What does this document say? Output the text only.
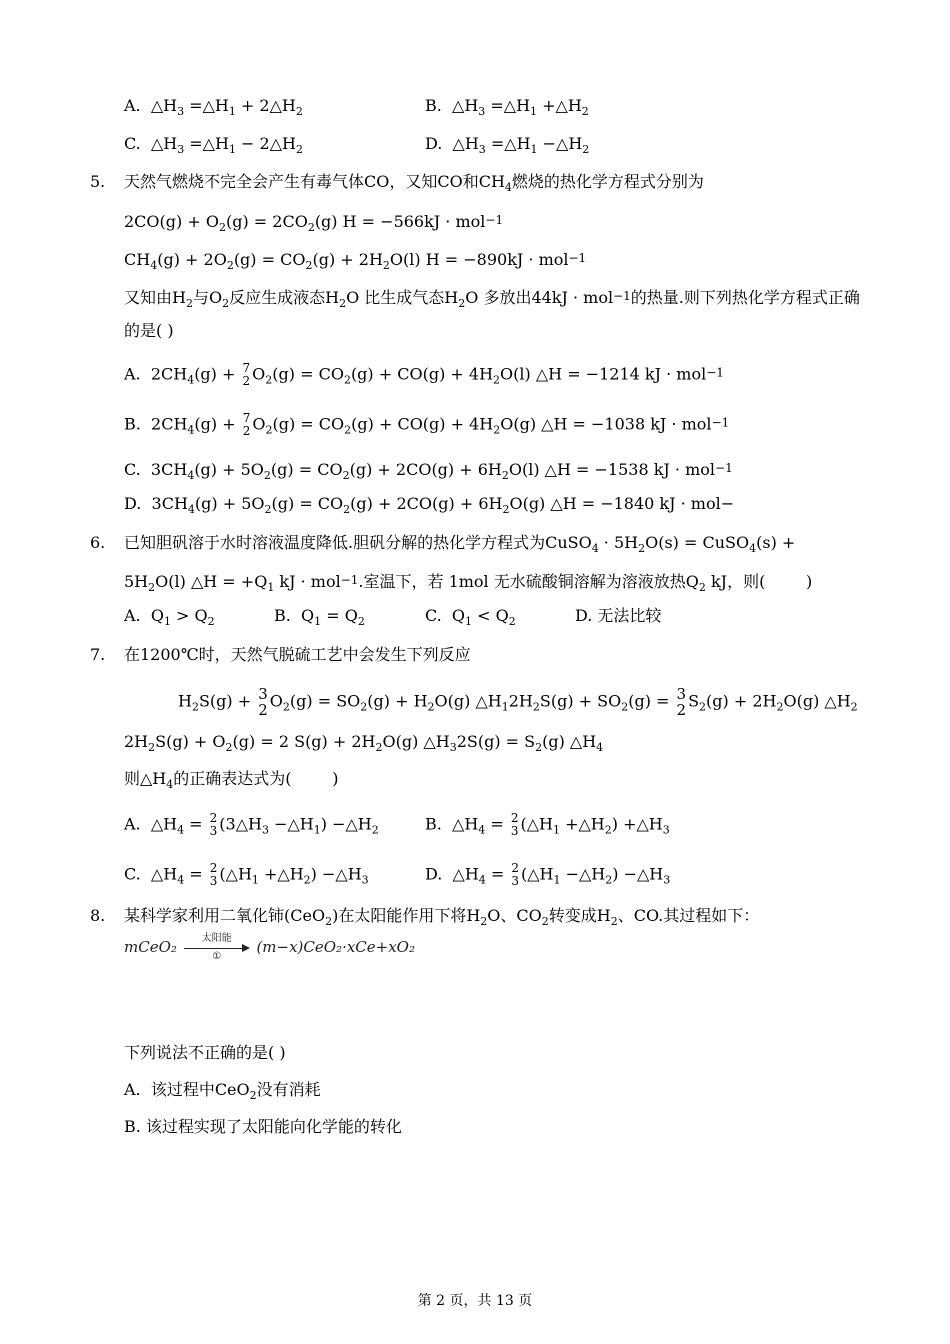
A.  $\triangle H_3$ $=\triangle H_1$ + $2\triangle H_2$	B.  $\triangle H_3$ $=\triangle H_1$ $+\triangle H_2$
C.  $\triangle H_3$ $=\triangle H_1$ − $2\triangle H_2$	D.  $\triangle H_3$ $=\triangle H_1$ $-\triangle H_2$
5. 天然气燃烧不完全会产生有毒气体CO，又知CO和$CH_4$燃烧的热化学方程式分别为
$2CO(g) + O_2(g) = 2CO_2(g) H = -566kJ \cdot mol-1$
$CH_4(g) + 2O_2(g) = CO_2(g) + 2H_2O(l) H = -890kJ \cdot mol-1$
又知由$H_2$与$O_2$反应生成液态$H_2O$ 比生成气态$H_2O$ 多放出44kJ · mol−1的热量.则下列热化学方程式正确
的是( )
A.  $2CH_4(g) + 7$
2 $O_2(g) = CO_2(g) + CO(g) + 4H_2O(l)$ △H = −1214 kJ · mol−1
B.  $2CH_4(g) + 7$
2 $O_2(g) = CO_2(g) + CO(g) + 4H_2O(g)$ △H = −1038 kJ · mol−1
C.  $3CH_4(g) + 5O_2(g) = CO_2(g) + 2CO(g) + 6H_2O(l)$ △H = −1538 kJ · mol−1
D.  $3CH_4(g) + 5O_2(g) = CO_2(g) + 2CO(g) + 6H_2O(g)$ △H = −1840 kJ · mol−
6. 已知胆矾溶于水时溶液温度降低.胆矾分解的热化学方程式为CuSO$_4$ · $5H_2O(s)$ = CuSO$_4$(s) +
$5H_2O(l)$ △H = $+Q_1$ kJ · mol−1.室温下，若 1mol 无水硫酸铜溶解为溶液放热$Q_2$ kJ，则(        )
A.  $Q_1 > Q_2$	B.  $Q_1 = Q_2$	C.  $Q_1 < Q_2$	D. 无法比较
7. 在1200℃时，天然气脱硫工艺中会发生下列反应
$H_2S(g) + 3$
2 $O_2(g) = SO_2(g) + H_2O(g)$ $\triangle H_12H_2S(g) + SO_2(g) = 3$
2 $S_2(g) + 2H_2O(g)$ $\triangle H_2$
$2H_2S(g) + O_2(g) = 2$ $S(g) + 2H_2O(g)$ $\triangle H_32S(g) = S_2(g)$ $\triangle H_4$
则$\triangle H_4$的正确表达式为(        )
A.  $\triangle H_4 = 2$
3 ($3\triangle H_3$ $-\triangle H_1$) $-\triangle H_2$	B.  $\triangle H_4 = 2$
3 ($\triangle H_1$ $+\triangle H_2$) $+\triangle H_3$
C.  $\triangle H_4 = 2$
3 ($\triangle H_1$ $+\triangle H_2$) $-\triangle H_3$	D.  $\triangle H_4 = 2$
3 ($\triangle H_1$ $-\triangle H_2$) $-\triangle H_3$
8. 某科学家利用二氧化铈(CeO$_2$)在太阳能作用下将$H_2O$、$CO_2$转变成$H_2$、CO.其过程如下：
mCeO₂	太阳能
①
(m−x)CeO₂·xCe+xO₂
下列说法不正确的是( )
A.  该过程中CeO$_2$没有消耗
B. 该过程实现了太阳能向化学能的转化
第 2 页，共 13 页
